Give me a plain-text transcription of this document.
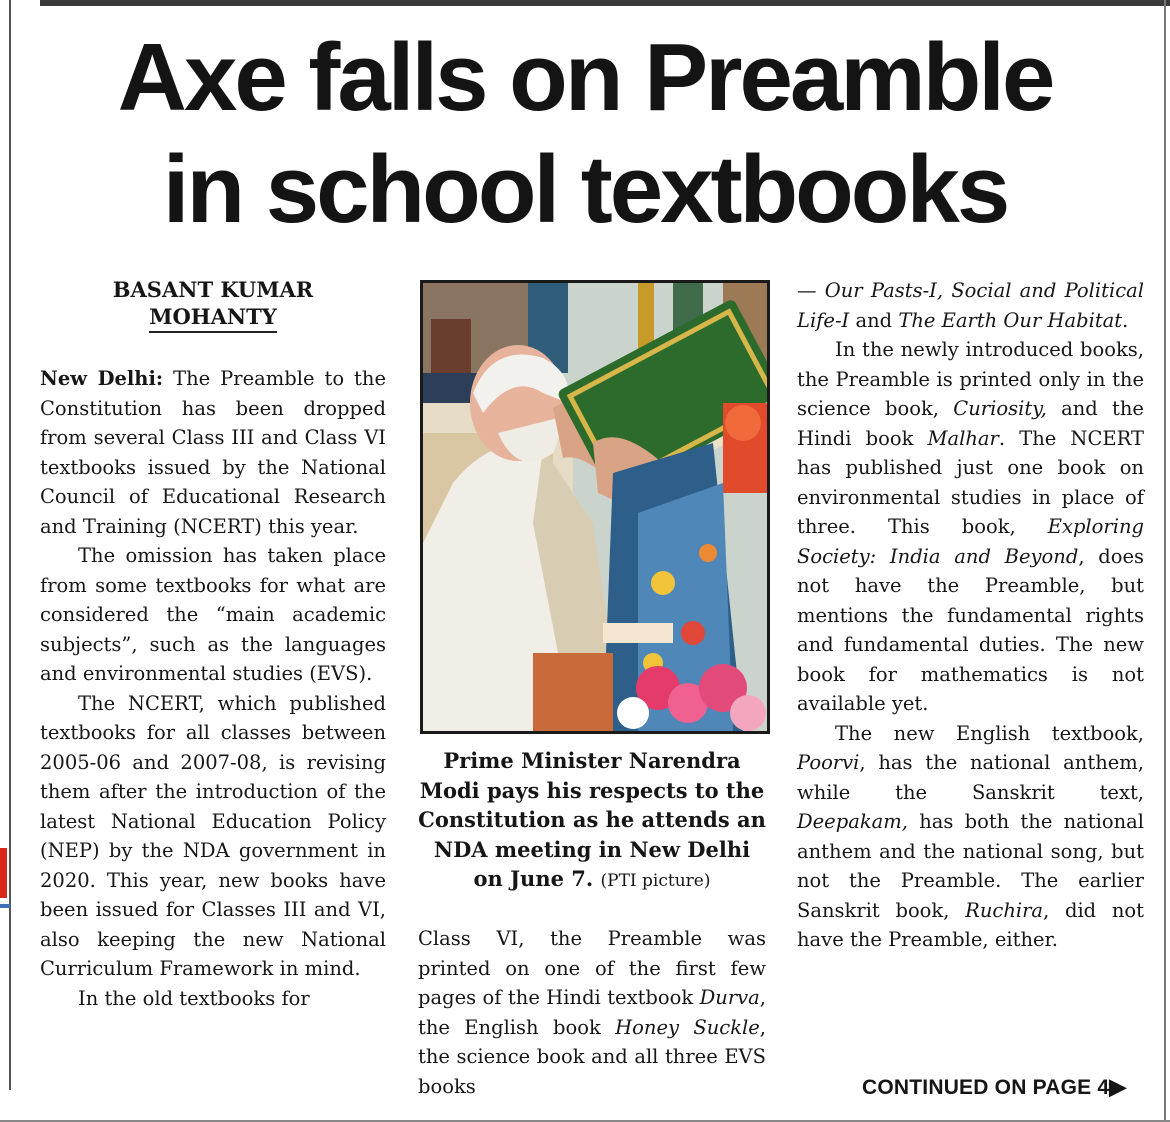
Axe falls on Preamble
in school textbooks
BASANT KUMAR
MOHANTY

New Delhi: The Preamble to the Constitution has been dropped from several Class III and Class VI textbooks issued by the National Council of Educational Research and Training (NCERT) this year.

The omission has taken place from some textbooks for what are considered the “main academic subjects”, such as the languages and environmental studies (EVS).

The NCERT, which published textbooks for all classes between 2005-06 and 2007-08, is revising them after the introduction of the latest National Education Policy (NEP) by the NDA government in 2020. This year, new books have been issued for Classes III and VI, also keeping the new National Curriculum Framework in mind.

In the old textbooks for

Prime Minister Narendra Modi pays his respects to the Constitution as he attends an NDA meeting in New Delhi on June 7. (PTI picture)

Class VI, the Preamble was printed on one of the first few pages of the Hindi textbook Durva, the English book Honey Suckle, the science book and all three EVS books

— Our Pasts-I, Social and Political Life-I and The Earth Our Habitat.

In the newly introduced books, the Preamble is printed only in the science book, Curiosity, and the Hindi book Malhar. The NCERT has published just one book on environmental studies in place of three. This book, Exploring Society: India and Beyond, does not have the Preamble, but mentions the fundamental rights and fundamental duties. The new book for mathematics is not available yet.

The new English textbook, Poorvi, has the national anthem, while the Sanskrit text, Deepakam, has both the national anthem and the national song, but not the Preamble. The earlier Sanskrit book, Ruchira, did not have the Preamble, either.

CONTINUED ON PAGE 4▶
